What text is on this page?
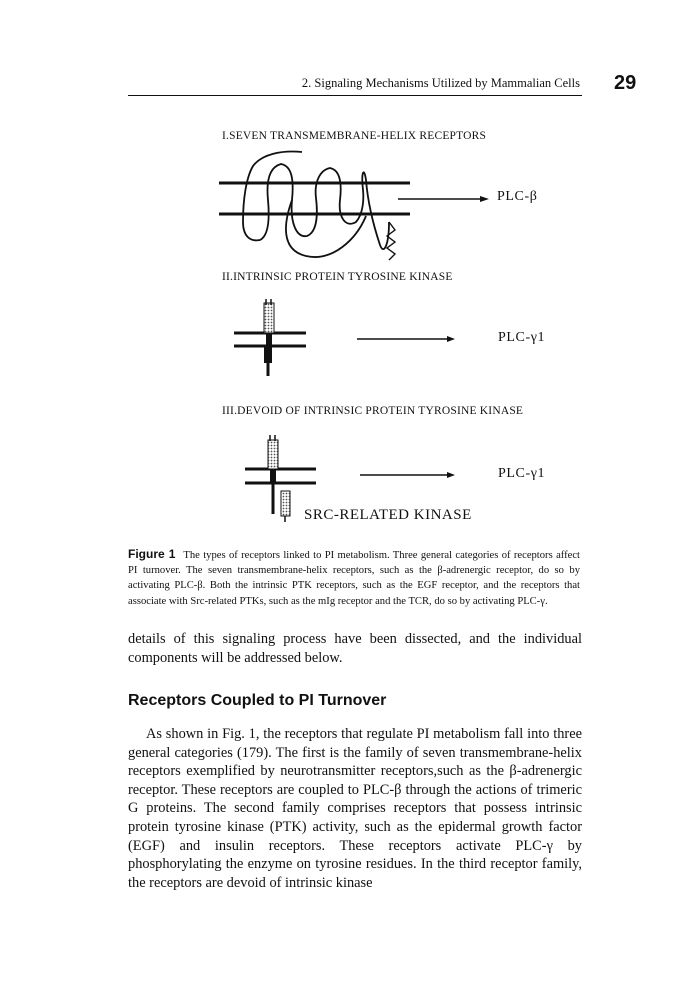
2. Signaling Mechanisms Utilized by Mammalian Cells 29
I.SEVEN TRANSMEMBRANE-HELIX RECEPTORS
II.INTRINSIC PROTEIN TYROSINE KINASE
III.DEVOID OF INTRINSIC PROTEIN TYROSINE KINASE
PLC-β
PLC-γ1
PLC-γ1
SRC-RELATED KINASE
Figure 1 The types of receptors linked to PI metabolism. Three general categories of receptors affect PI turnover. The seven transmembrane-helix receptors, such as the β-adrenergic receptor, do so by activating PLC-β. Both the intrinsic PTK receptors, such as the EGF receptor, and the receptors that associate with Src-related PTKs, such as the mIg receptor and the TCR, do so by activating PLC-γ.
details of this signaling process have been dissected, and the individual components will be addressed below.
Receptors Coupled to PI Turnover
As shown in Fig. 1, the receptors that regulate PI metabolism fall into three general categories (179). The first is the family of seven transmembrane-helix receptors exemplified by neurotransmitter receptors,such as the β-adrenergic receptor. These receptors are coupled to PLC-β through the actions of trimeric G proteins. The second family comprises receptors that possess intrinsic protein tyrosine kinase (PTK) activity, such as the epidermal growth factor (EGF) and insulin receptors. These receptors activate PLC-γ by phosphorylating the enzyme on tyrosine residues. In the third receptor family, the receptors are devoid of intrinsic kinase
